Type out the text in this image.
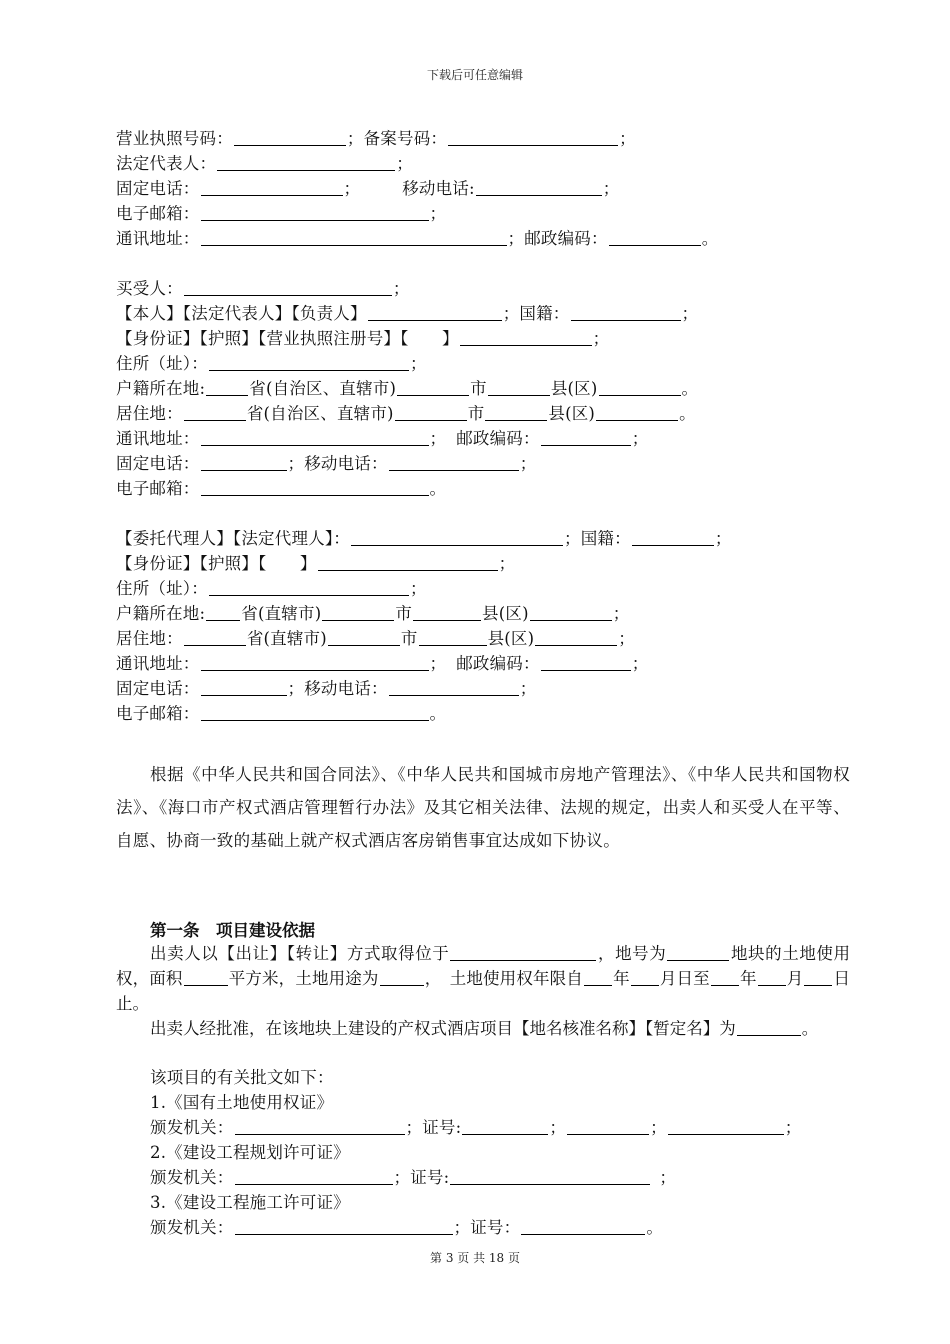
下载后可任意编辑
营业执照号码：	；备案号码：	；
法定代表人：	；
固定电话：	；	移动电话:	；
电子邮箱：	；
通讯地址：	；邮政编码：	。
买受人：	；
【本人】【法定代表人】【负责人】	；国籍：	；
【身份证】【护照】【营业执照注册号】【　　】	；
住所（址）：	；
户籍所在地:	省(自治区、直辖市)	市	县(区)	。
居住地：	省(自治区、直辖市)	市	县(区)	。
通讯地址：	； 邮政编码：	；
固定电话：	；移动电话：	；
电子邮箱：	。
【委托代理人】【法定代理人】：	；国籍：	；
【身份证】【护照】【　　】	；
住所（址）：	；
户籍所在地: 省(直辖市)	市	县(区)	；
居住地：	省(直辖市)	市	县(区)	；
通讯地址：	； 邮政编码：	；
固定电话：	；移动电话：	；
电子邮箱：	。
根据《中华人民共和国合同法》、《中华人民共和国城市房地产管理法》、《中华人民共和国物权法》、《海口市产权式酒店管理暂行办法》及其它相关法律、法规的规定，出卖人和买受人在平等、自愿、协商一致的基础上就产权式酒店客房销售事宜达成如下协议。
第一条　项目建设依据
出卖人以【出让】【转让】方式取得位于	，地号为	地块的土地使用权，面积	平方米，土地用途为	，　土地使用权年限自 年 月日至 年 月 日止。
出卖人经批准，在该地块上建设的产权式酒店项目【地名核准名称】【暂定名】为	。
该项目的有关批文如下：
1.《国有土地使用权证》
颁发机关：	；证号:	；	；	；
2.《建设工程规划许可证》
颁发机关：	；证号:	；
3.《建设工程施工许可证》
颁发机关：	；证号：	。
第 3 页 共 18 页
